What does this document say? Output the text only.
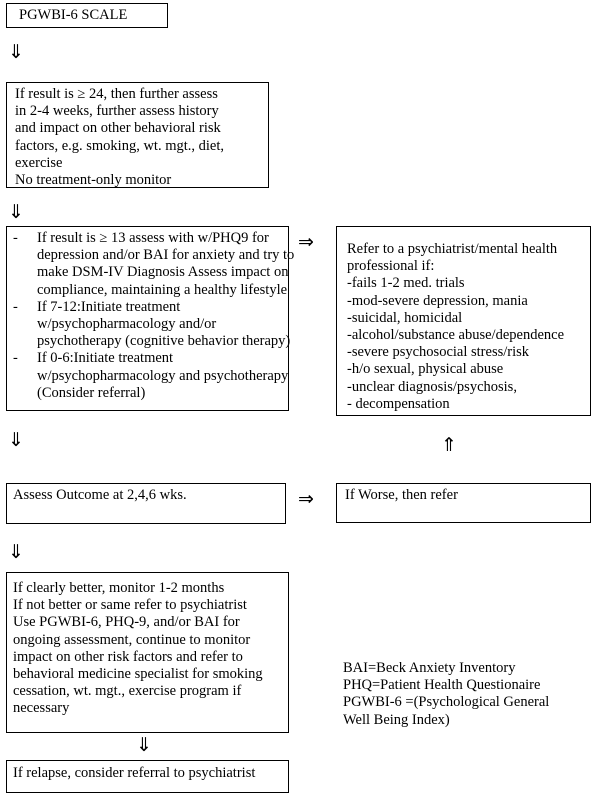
PGWBI-6 SCALE
⇓
If result is ≥ 24, then further assess
in 2-4 weeks, further assess history
and impact on other behavioral risk
factors, e.g. smoking, wt. mgt., diet,
exercise
No treatment-only monitor
⇓
- If result is ≥ 13 assess with w/PHQ9 for
depression and/or BAI for anxiety and try to
make DSM-IV Diagnosis Assess impact on
compliance, maintaining a healthy lifestyle
- If 7-12:Initiate treatment
w/psychopharmacology and/or
psychotherapy (cognitive behavior therapy)
- If 0-6:Initiate treatment
w/psychopharmacology and psychotherapy
(Consider referral)
⇒ Refer to a psychiatrist/mental health
professional if:
-fails 1-2 med. trials
-mod-severe depression, mania
-suicidal, homicidal
-alcohol/substance abuse/dependence
-severe psychosocial stress/risk
-h/o sexual, physical abuse
-unclear diagnosis/psychosis,
- decompensation
⇓	⇑
Assess Outcome at 2,4,6 wks.	⇒ If Worse, then refer
⇓
If clearly better, monitor 1-2 months
If not better or same refer to psychiatrist
Use PGWBI-6, PHQ-9, and/or BAI for
ongoing assessment, continue to monitor
impact on other risk factors and refer to
behavioral medicine specialist for smoking
cessation, wt. mgt., exercise program if
necessary
⇓
If relapse, consider referral to psychiatrist
BAI=Beck Anxiety Inventory
PHQ=Patient Health Questionaire
PGWBI-6 =(Psychological General
Well Being Index)
